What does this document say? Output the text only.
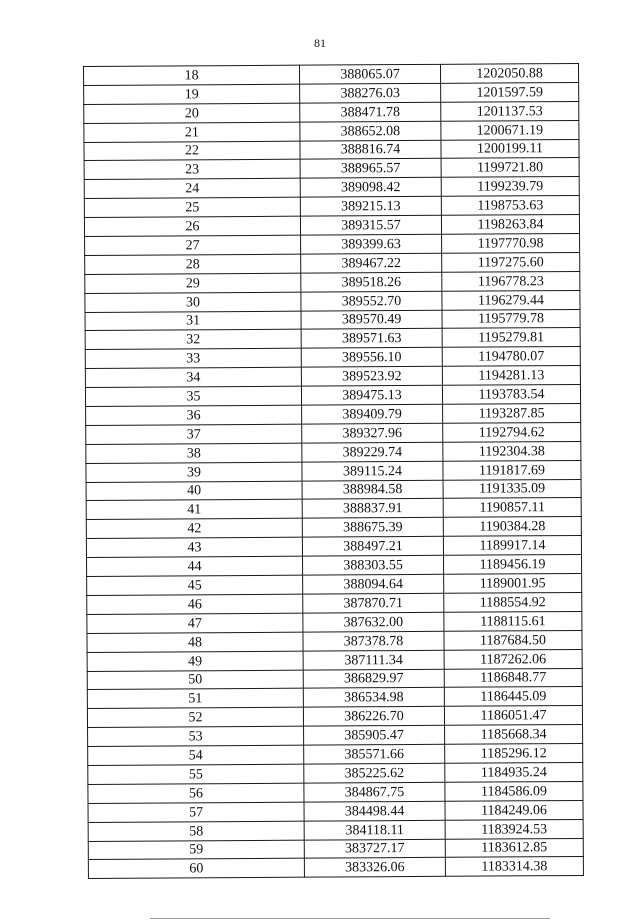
81
18	388065.07	1202050.88
19	388276.03	1201597.59
20	388471.78	1201137.53
21	388652.08	1200671.19
22	388816.74	1200199.11
23	388965.57	1199721.80
24	389098.42	1199239.79
25	389215.13	1198753.63
26	389315.57	1198263.84
27	389399.63	1197770.98
28	389467.22	1197275.60
29	389518.26	1196778.23
30	389552.70	1196279.44
31	389570.49	1195779.78
32	389571.63	1195279.81
33	389556.10	1194780.07
34	389523.92	1194281.13
35	389475.13	1193783.54
36	389409.79	1193287.85
37	389327.96	1192794.62
38	389229.74	1192304.38
39	389115.24	1191817.69
40	388984.58	1191335.09
41	388837.91	1190857.11
42	388675.39	1190384.28
43	388497.21	1189917.14
44	388303.55	1189456.19
45	388094.64	1189001.95
46	387870.71	1188554.92
47	387632.00	1188115.61
48	387378.78	1187684.50
49	387111.34	1187262.06
50	386829.97	1186848.77
51	386534.98	1186445.09
52	386226.70	1186051.47
53	385905.47	1185668.34
54	385571.66	1185296.12
55	385225.62	1184935.24
56	384867.75	1184586.09
57	384498.44	1184249.06
58	384118.11	1183924.53
59	383727.17	1183612.85
60	383326.06	1183314.38
